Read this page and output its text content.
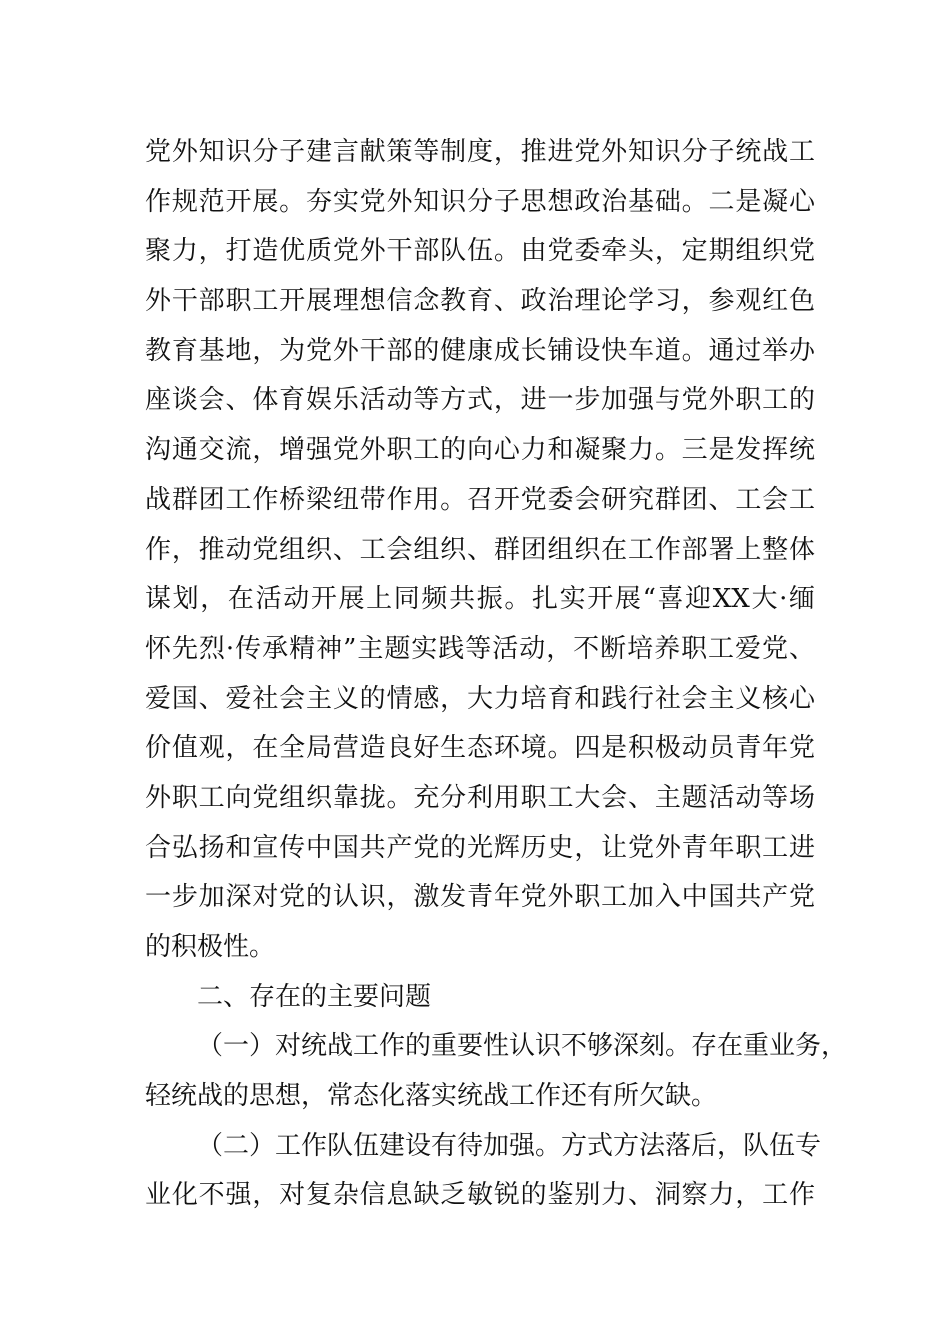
党外知识分子建言献策等制度，推进党外知识分子统战工
作规范开展。夯实党外知识分子思想政治基础。二是凝心
聚力，打造优质党外干部队伍。由党委牵头，定期组织党
外干部职工开展理想信念教育、政治理论学习，参观红色
教育基地，为党外干部的健康成长铺设快车道。通过举办
座谈会、体育娱乐活动等方式，进一步加强与党外职工的
沟通交流，增强党外职工的向心力和凝聚力。三是发挥统
战群团工作桥梁纽带作用。召开党委会研究群团、工会工
作，推动党组织、工会组织、群团组织在工作部署上整体
谋划，在活动开展上同频共振。扎实开展“喜迎XX大·缅
怀先烈·传承精神”主题实践等活动，不断培养职工爱党、
爱国、爱社会主义的情感，大力培育和践行社会主义核心
价值观，在全局营造良好生态环境。四是积极动员青年党
外职工向党组织靠拢。充分利用职工大会、主题活动等场
合弘扬和宣传中国共产党的光辉历史，让党外青年职工进
一步加深对党的认识，激发青年党外职工加入中国共产党
的积极性。
二、存在的主要问题
（一）对统战工作的重要性认识不够深刻。存在重业务，
轻统战的思想，常态化落实统战工作还有所欠缺。
（二）工作队伍建设有待加强。方式方法落后，队伍专
业化不强，对复杂信息缺乏敏锐的鉴别力、洞察力，工作
